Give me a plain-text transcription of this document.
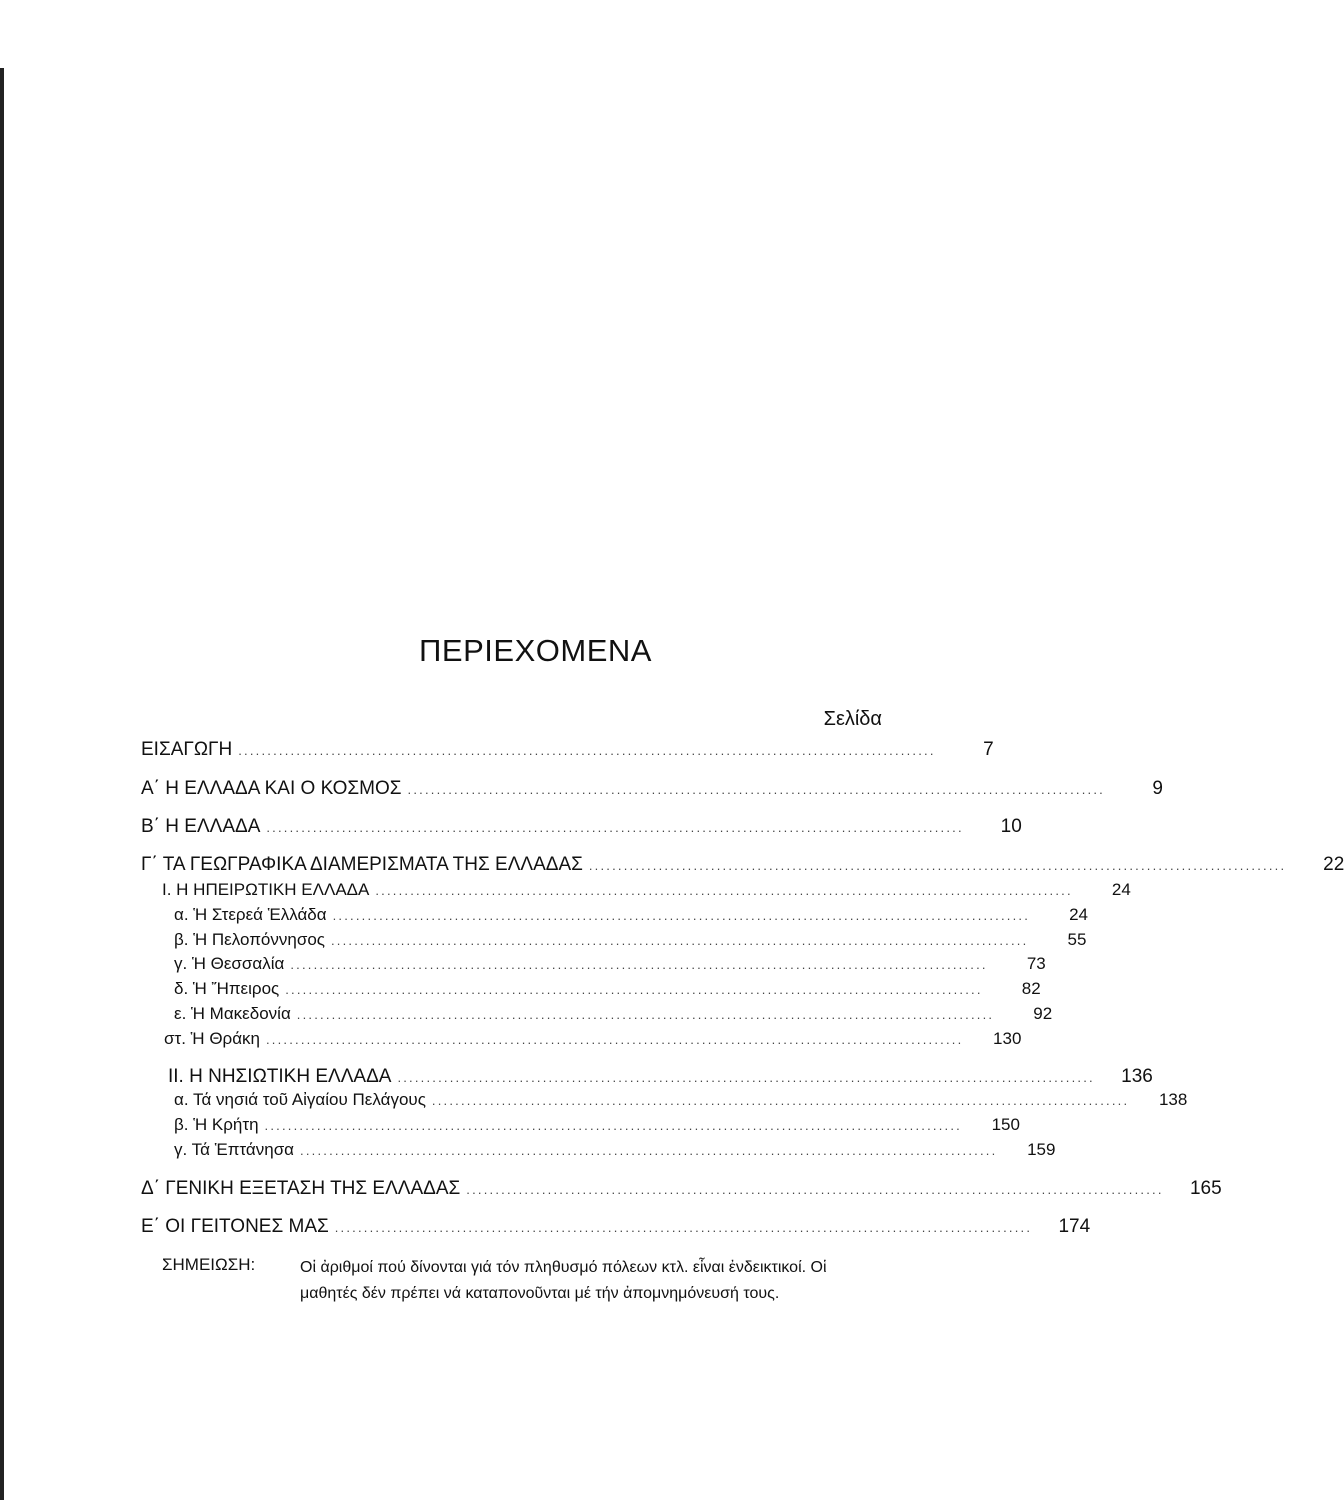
ΠΕΡΙΕΧΟΜΕΝΑ
Σελίδα
ΕΙΣΑΓΩΓΗ ........................................................................................................................	7
Α΄ Η ΕΛΛΑΔΑ ΚΑΙ Ο ΚΟΣΜΟΣ ........................................................................................................................	9
Β΄ Η ΕΛΛΑΔΑ ........................................................................................................................	10
Γ΄ ΤΑ ΓΕΩΓΡΑΦΙΚΑ ΔΙΑΜΕΡΙΣΜΑΤΑ ΤΗΣ ΕΛΛΑΔΑΣ ........................................................................................................................	22
Ι. Η ΗΠΕΙΡΩΤΙΚΗ ΕΛΛΑΔΑ ........................................................................................................................	24
α. Ἡ Στερεά Ἑλλάδα ........................................................................................................................	24
β. Ἡ Πελοπόννησος ........................................................................................................................	55
γ. Ἡ Θεσσαλία ........................................................................................................................	73
δ. Ἡ Ἤπειρος ........................................................................................................................	82
ε. Ἡ Μακεδονία ........................................................................................................................	92
στ. Ἡ Θράκη ........................................................................................................................	130
ΙΙ. Η ΝΗΣΙΩΤΙΚΗ ΕΛΛΑΔΑ ........................................................................................................................	136
α. Τά νησιά τοῦ Αἰγαίου Πελάγους ........................................................................................................................	138
β. Ἡ Κρήτη ........................................................................................................................	150
γ. Τά Ἑπτάνησα ........................................................................................................................	159
Δ΄ ΓΕΝΙΚΗ ΕΞΕΤΑΣΗ ΤΗΣ ΕΛΛΑΔΑΣ ........................................................................................................................	165
Ε΄ ΟΙ ΓΕΙΤΟΝΕΣ ΜΑΣ ........................................................................................................................	174
ΣΗΜΕΙΩΣΗ:	Οἱ ἀριθμοί πού δίνονται γιά τόν πληθυσμό πόλεων κτλ. εἶναι ἐνδεικτικοί. Οἱ μαθητές δέν πρέπει νά καταπονοῦνται μέ τήν ἀπομνημόνευσή τους.
